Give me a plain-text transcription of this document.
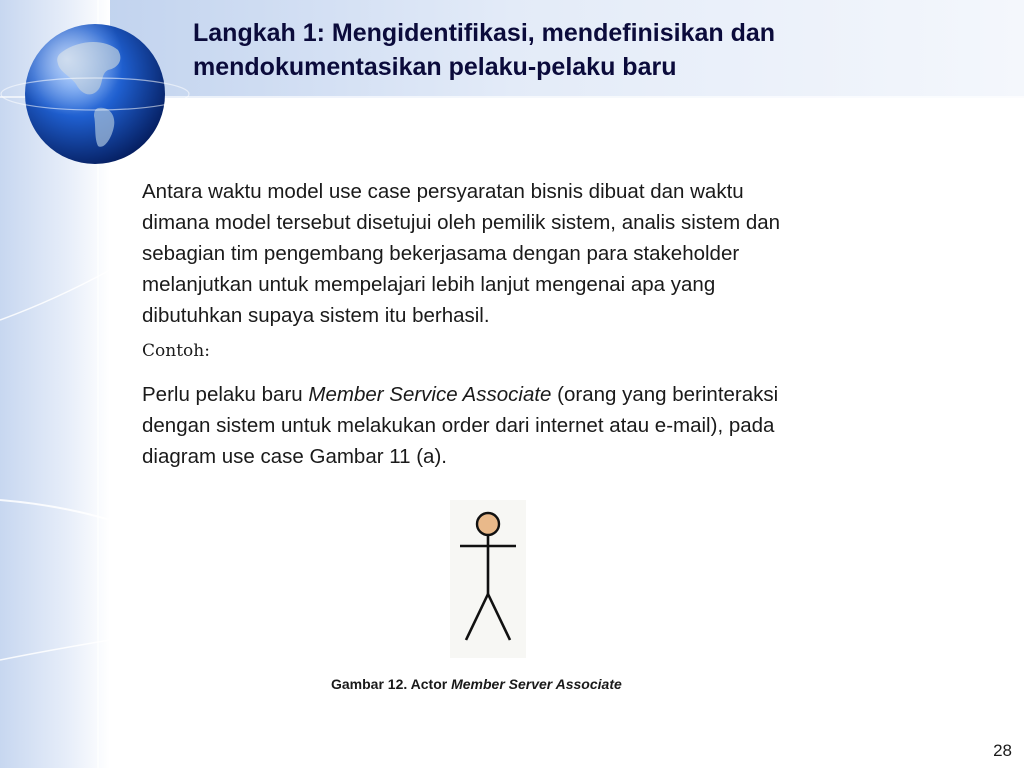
Langkah 1: Mengidentifikasi, mendefinisikan dan
mendokumentasikan pelaku-pelaku baru

Antara waktu model use case persyaratan bisnis dibuat dan waktu
dimana model tersebut disetujui oleh pemilik sistem, analis sistem dan
sebagian tim pengembang bekerjasama dengan para stakeholder
melanjutkan untuk mempelajari lebih lanjut mengenai apa yang
dibutuhkan supaya sistem itu berhasil.

Contoh:

Perlu pelaku baru Member Service Associate (orang yang berinteraksi
dengan sistem untuk melakukan order dari internet atau e-mail), pada
diagram use case Gambar 11 (a).

Gambar 12. Actor Member Server Associate

28
